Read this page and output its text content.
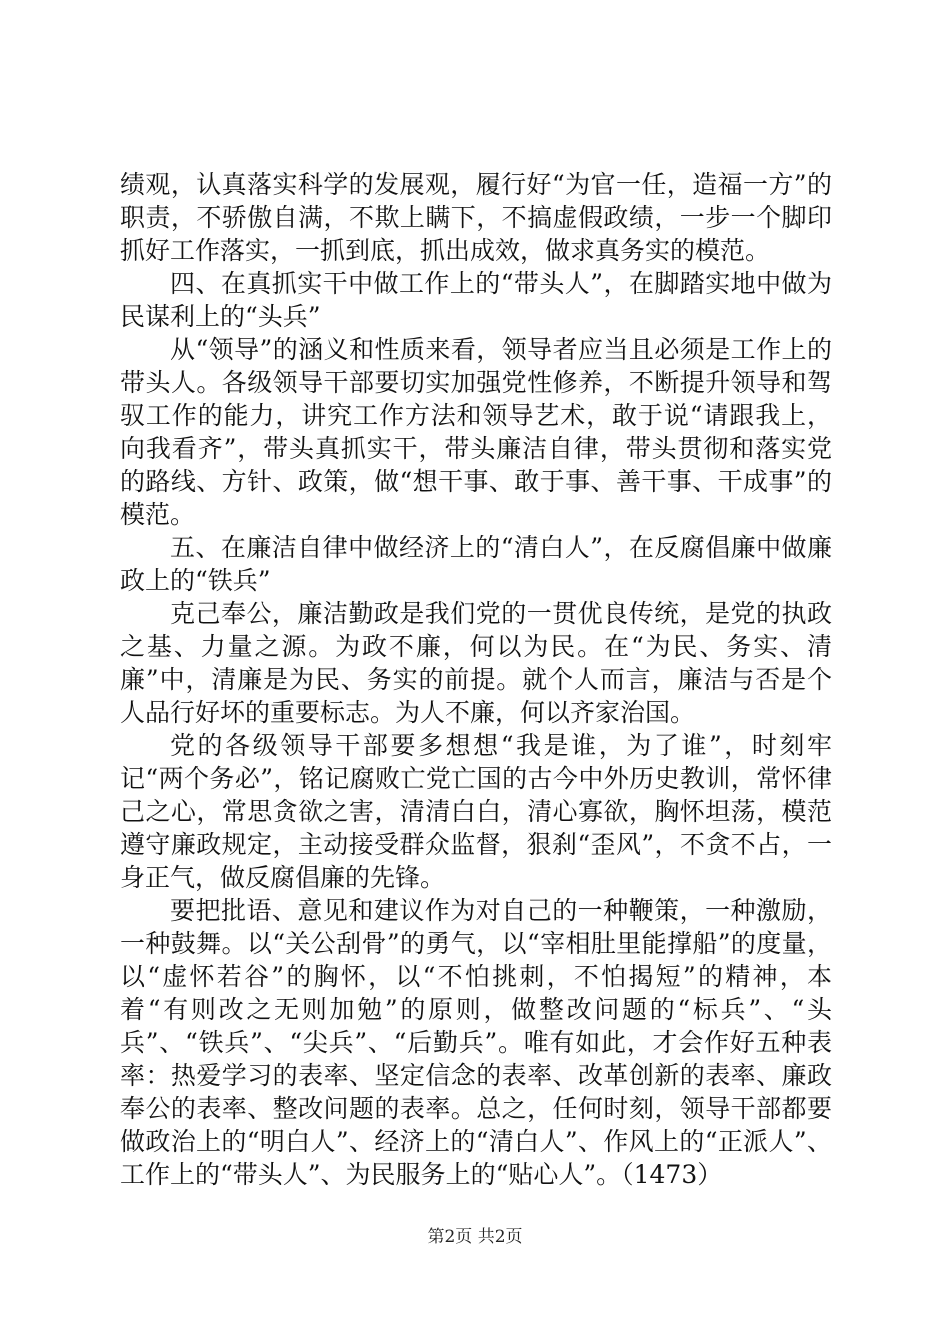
绩观，认真落实科学的发展观，履行好“为官一任，造福一方”的职责，不骄傲自满，不欺上瞒下，不搞虚假政绩，一步一个脚印抓好工作落实，一抓到底，抓出成效，做求真务实的模范。

四、在真抓实干中做工作上的“带头人”，在脚踏实地中做为民谋利上的“头兵”

从“领导”的涵义和性质来看，领导者应当且必须是工作上的带头人。各级领导干部要切实加强党性修养，不断提升领导和驾驭工作的能力，讲究工作方法和领导艺术，敢于说“请跟我上，向我看齐”，带头真抓实干，带头廉洁自律，带头贯彻和落实党的路线、方针、政策，做“想干事、敢于事、善干事、干成事”的模范。

五、在廉洁自律中做经济上的“清白人”，在反腐倡廉中做廉政上的“铁兵”

克己奉公，廉洁勤政是我们党的一贯优良传统，是党的执政之基、力量之源。为政不廉，何以为民。在“为民、务实、清廉”中，清廉是为民、务实的前提。就个人而言，廉洁与否是个人品行好坏的重要标志。为人不廉，何以齐家治国。

党的各级领导干部要多想想“我是谁，为了谁”，时刻牢记“两个务必”，铭记腐败亡党亡国的古今中外历史教训，常怀律己之心，常思贪欲之害，清清白白，清心寡欲，胸怀坦荡，模范遵守廉政规定，主动接受群众监督，狠刹“歪风”，不贪不占，一身正气，做反腐倡廉的先锋。

要把批语、意见和建议作为对自己的一种鞭策，一种激励，一种鼓舞。以“关公刮骨”的勇气，以“宰相肚里能撑船”的度量，以“虚怀若谷”的胸怀，以“不怕挑刺，不怕揭短”的精神，本着“有则改之无则加勉”的原则，做整改问题的“标兵”、“头兵”、“铁兵”、“尖兵”、“后勤兵”。唯有如此，才会作好五种表率：热爱学习的表率、坚定信念的表率、改革创新的表率、廉政奉公的表率、整改问题的表率。总之，任何时刻，领导干部都要做政治上的“明白人”、经济上的“清白人”、作风上的“正派人”、工作上的“带头人”、为民服务上的“贴心人”。（1473）

第2页 共2页
